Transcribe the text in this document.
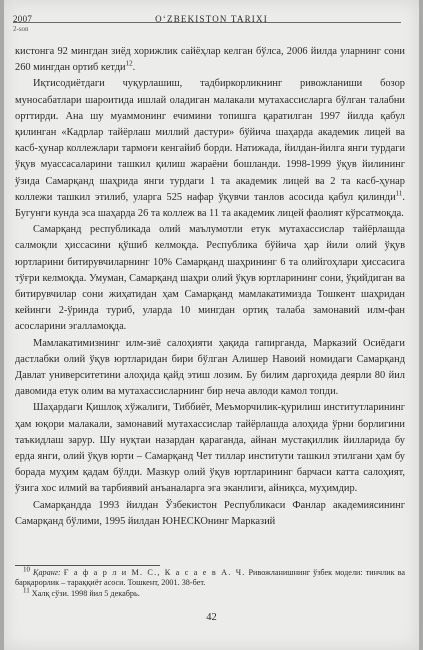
2007	O‘ZBEKISTON TARIXI
2-son

кистонга 92 мингдан зиёд хорижлик сайёҳлар келган бўлса, 2006 йилда уларнинг сони 260 мингдан ортиб кетди$^{12}$.

Иқтисодиётдаги чуқурлашиш, тадбиркорликнинг ривожланиши бозор муносабатлари шароитида ишлай оладиган малакали мутахассисларга бўлган талабни орттирди. Ана шу муаммонинг ечимини топишга қаратилган 1997 йилда қабул қилинган «Кадрлар тайёрлаш миллий дастури» бўйича шаҳарда академик лицей ва касб-ҳунар коллежлари тармоғи кенгайиб борди. Натижада, йилдан-йилга янги турдаги ўқув муассасаларини ташкил қилиш жараёни бошланди. 1998-1999 ўқув йилининг ўзида Самарқанд шаҳрида янги турдаги 1 та академик лицей ва 2 та касб-ҳунар коллежи ташкил этилиб, уларга 525 нафар ўқувчи танлов асосида қабул қилинди$^{11}$. Бугунги кунда эса шаҳарда 26 та коллеж ва 11 та академик лицей фаолият кўрсатмоқда.

Самарқанд республикада олий маълумотли етук мутахассислар тайёрлашда салмоқли ҳиссасини қўшиб келмоқда. Республика бўйича ҳар йили олий ўқув юртларини битирувчиларнинг 10% Самарқанд шаҳрининг 6 та олийгоҳлари ҳиссасига тўғри келмоқда. Умуман, Самарқанд шаҳри олий ўқув юртларининг сони, ўқийдиган ва битирувчилар сони жиҳатидан ҳам Самарқанд мамлакатимизда Тошкент шаҳридан кейинги 2-ўринда туриб, уларда 10 мингдан ортиқ талаба замонавий илм-фан асосларини эгалламоқда.

Мамлакатимизнинг илм-зиё салоҳияти ҳақида гапирганда, Марказий Осиёдаги дастлабки олий ўқув юртларидан бири бўлган Алишер Навоий номидаги Самарқанд Давлат университетини алоҳида қайд этиш лозим. Бу билим даргоҳида деярли 80 йил давомида етук олим ва мутахассисларнинг бир неча авлоди камол топди.

Шаҳардаги Қишлоқ хўжалиги, Тиббиёт, Меъморчилик-қурилиш институтларининг ҳам юқори малакали, замонавий мутахассислар тайёрлашда алоҳида ўрни борлигини таъкидлаш зарур. Шу нуқтаи назардан қараганда, айнан мустақиллик йилларида бу ерда янги, олий ўқув юрти – Самарқанд Чет тиллар институти ташкил этилгани ҳам бу борада муҳим қадам бўлди. Мазкур олий ўқув юртларининг барчаси катта салоҳият, ўзига хос илмий ва тарбиявий анъаналарга эга эканлиги, айниқса, муҳимдир.

Самарқандда 1993 йилдан Ўзбекистон Республикаси Фанлар академиясининг Самарқанд бўлими, 1995 йилдан ЮНЕСКОнинг Марказий

10 Қаранг: Ғ а ф а р л и М. С., К а с а е в А. Ч. Ривожланишнинг ўзбек модели: тинчлик ва барқарорлик – тараққиёт асоси. Тошкент, 2001. 38-бет.

11 Халқ сўзи. 1998 йил 5 декабрь.

42
